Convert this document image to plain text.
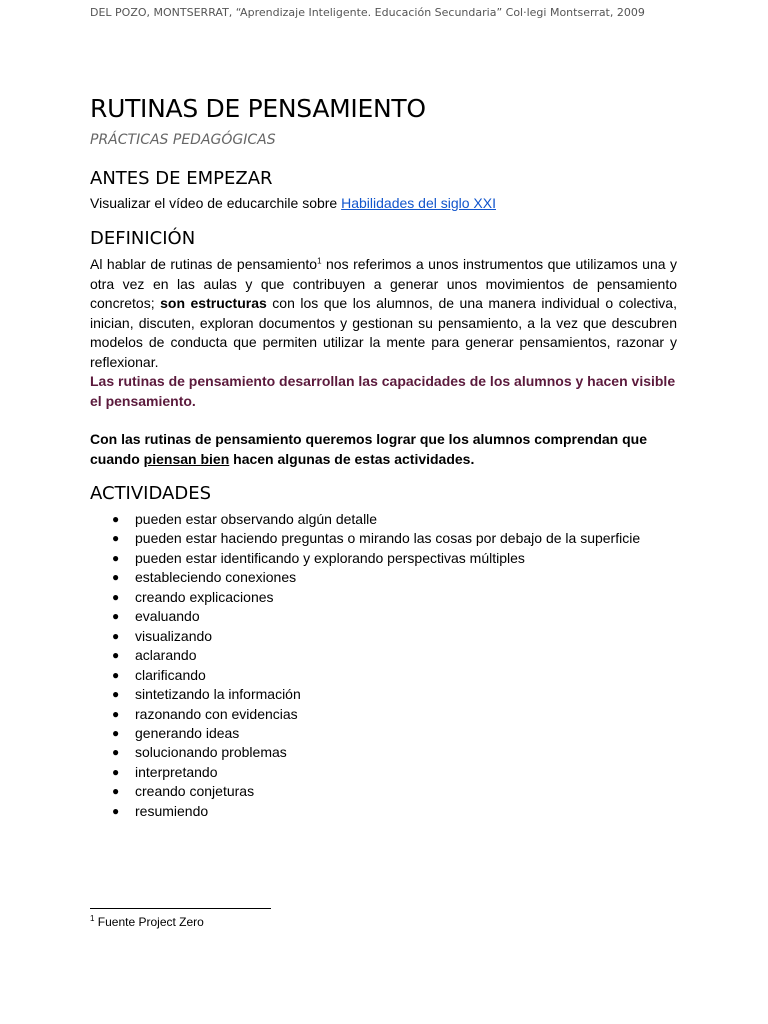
DEL POZO, MONTSERRAT, “Aprendizaje Inteligente. Educación Secundaria” Col·legi Montserrat, 2009
RUTINAS DE PENSAMIENTO
PRÁCTICAS PEDAGÓGICAS
ANTES DE EMPEZAR

Visualizar el vídeo de educarchile sobre Habilidades del siglo XXI

DEFINICIÓN

Al hablar de rutinas de pensamiento$^1$ nos referimos a unos instrumentos que utilizamos una y otra vez en las aulas y que contribuyen a generar unos movimientos de pensamiento concretos; son estructuras con los que los alumnos, de una manera individual o colectiva, inician, discuten, exploran documentos y gestionan su pensamiento, a la vez que descubren modelos de conducta que permiten utilizar la mente para generar pensamientos, razonar y reflexionar.

Las rutinas de pensamiento desarrollan las capacidades de los alumnos y hacen visible el pensamiento.

Con las rutinas de pensamiento queremos lograr que los alumnos comprendan que cuando piensan bien hacen algunas de estas actividades.

ACTIVIDADES
● pueden estar observando algún detalle
● pueden estar haciendo preguntas o mirando las cosas por debajo de la superficie
● pueden estar identificando y explorando perspectivas múltiples
● estableciendo conexiones
● creando explicaciones
● evaluando
● visualizando
● aclarando
● clarificando
● sintetizando la información
● razonando con evidencias
● generando ideas
● solucionando problemas
● interpretando
● creando conjeturas
● resumiendo
$^1$ Fuente Project Zero
